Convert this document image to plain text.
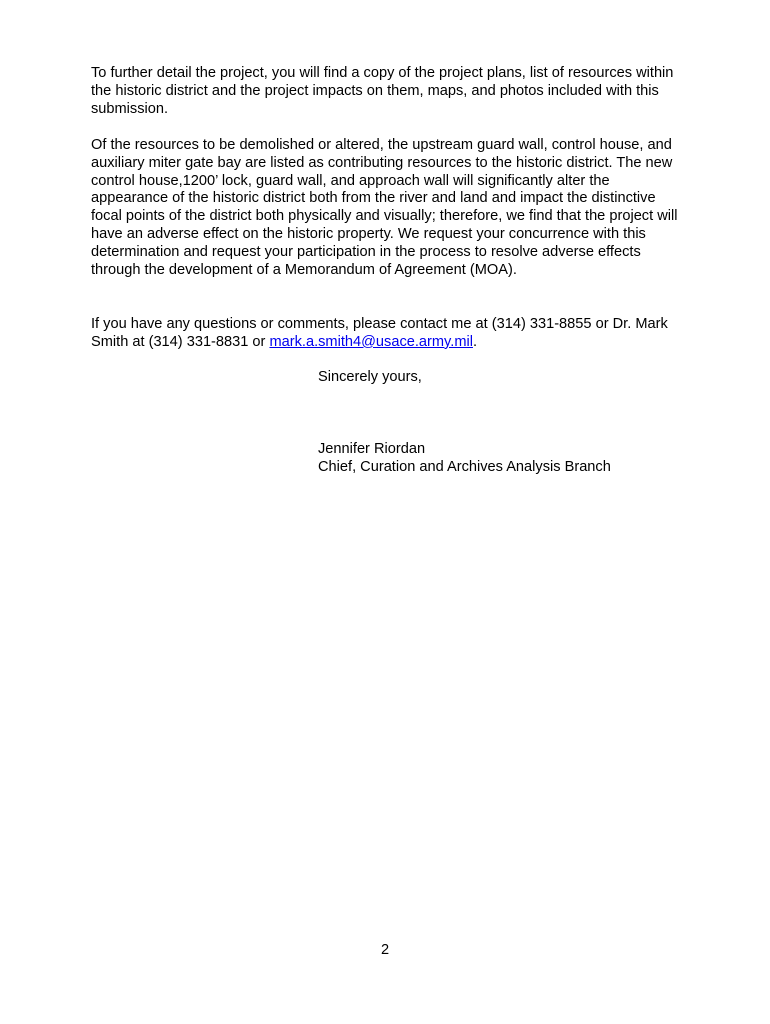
To further detail the project, you will find a copy of the project plans, list of resources within the historic district and the project impacts on them, maps, and photos included with this submission.

Of the resources to be demolished or altered, the upstream guard wall, control house, and auxiliary miter gate bay are listed as contributing resources to the historic district. The new control house,1200’ lock, guard wall, and approach wall will significantly alter the appearance of the historic district both from the river and land and impact the distinctive focal points of the district both physically and visually; therefore, we find that the project will have an adverse effect on the historic property. We request your concurrence with this determination and request your participation in the process to resolve adverse effects through the development of a Memorandum of Agreement (MOA).

If you have any questions or comments, please contact me at (314) 331-8855 or Dr. Mark Smith at (314) 331-8831 or mark.a.smith4@usace.army.mil.

Sincerely yours,

Jennifer Riordan
Chief, Curation and Archives Analysis Branch
2
